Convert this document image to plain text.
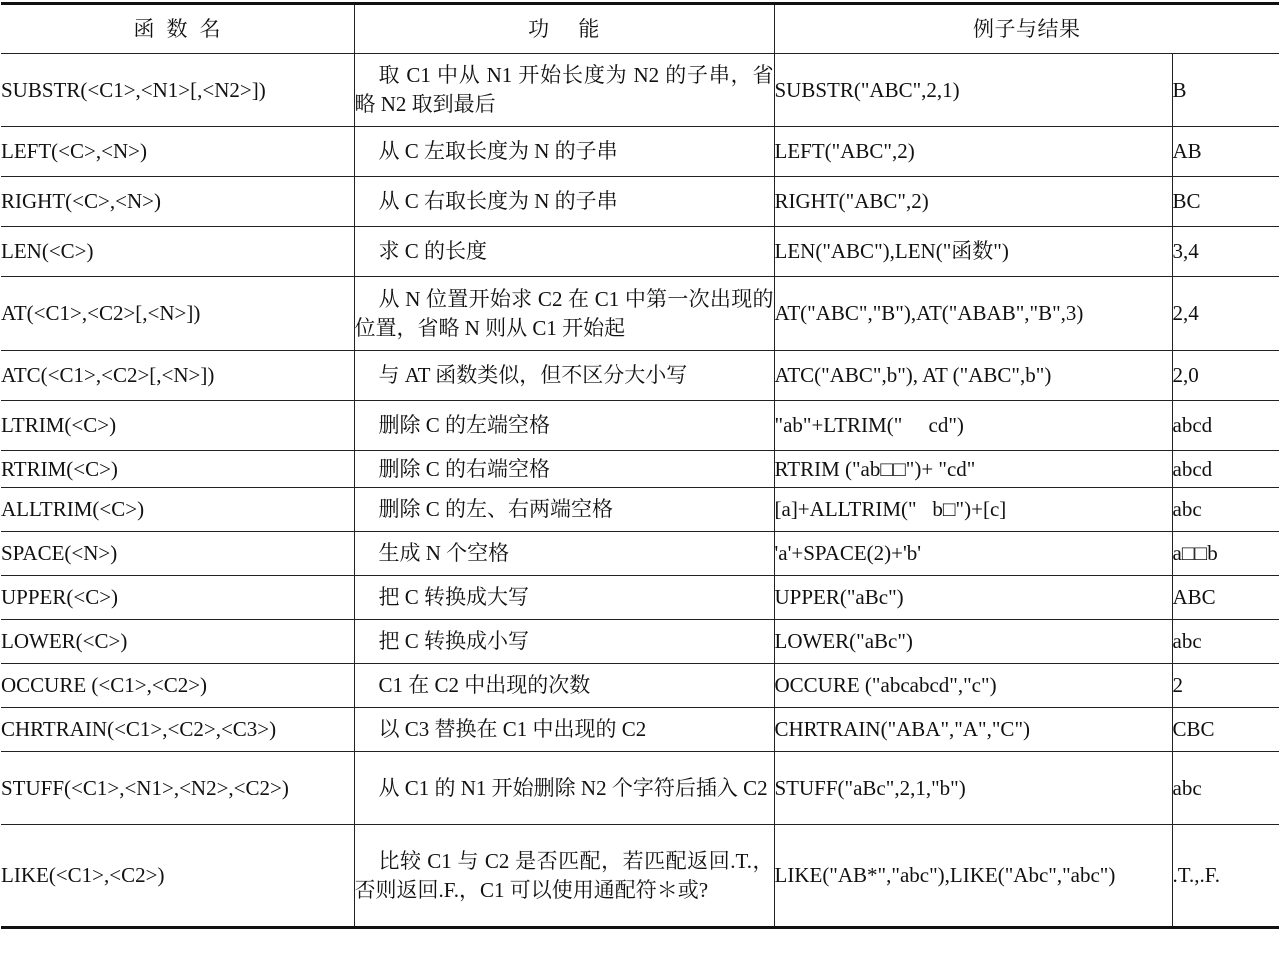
函  数  名	功     能	例子与结果	
SUBSTR(<C1>,<N1>[,<N2>])	取 C1 中从 N1 开始长度为 N2 的子串，省略 N2 取到最后	SUBSTR("ABC",2,1)	B
LEFT(<C>,<N>)	从 C 左取长度为 N 的子串	LEFT("ABC",2)	AB
RIGHT(<C>,<N>)	从 C 右取长度为 N 的子串	RIGHT("ABC",2)	BC
LEN(<C>)	求 C 的长度	LEN("ABC"),LEN("函数")	3,4
AT(<C1>,<C2>[,<N>])	从 N 位置开始求 C2 在 C1 中第一次出现的位置，省略 N 则从 C1 开始起	AT("ABC","B"),AT("ABAB","B",3)	2,4
ATC(<C1>,<C2>[,<N>])	与 AT 函数类似，但不区分大小写	ATC("ABC",b"), AT ("ABC",b")	2,0
LTRIM(<C>)	删除 C 的左端空格	"ab"+LTRIM("     cd")	abcd
RTRIM(<C>)	删除 C 的右端空格	RTRIM ("ab□□")+ "cd"	abcd
ALLTRIM(<C>)	删除 C 的左、右两端空格	[a]+ALLTRIM("   b□")+[c]	abc
SPACE(<N>)	生成 N 个空格	'a'+SPACE(2)+'b'	a□□b
UPPER(<C>)	把 C 转换成大写	UPPER("aBc")	ABC
LOWER(<C>)	把 C 转换成小写	LOWER("aBc")	abc
OCCURE (<C1>,<C2>)	C1 在 C2 中出现的次数	OCCURE ("abcabcd","c")	2
CHRTRAIN(<C1>,<C2>,<C3>)	以 C3 替换在 C1 中出现的 C2	CHRTRAIN("ABA","A","C")	CBC
STUFF(<C1>,<N1>,<N2>,<C2>)	从 C1 的 N1 开始删除 N2 个字符后插入 C2	STUFF("aBc",2,1,"b")	abc
LIKE(<C1>,<C2>)	比较 C1 与 C2 是否匹配，若匹配返回.T.，否则返回.F.，C1 可以使用通配符＊或?	LIKE("AB*","abc"),LIKE("Abc","abc")	.T.,.F.
